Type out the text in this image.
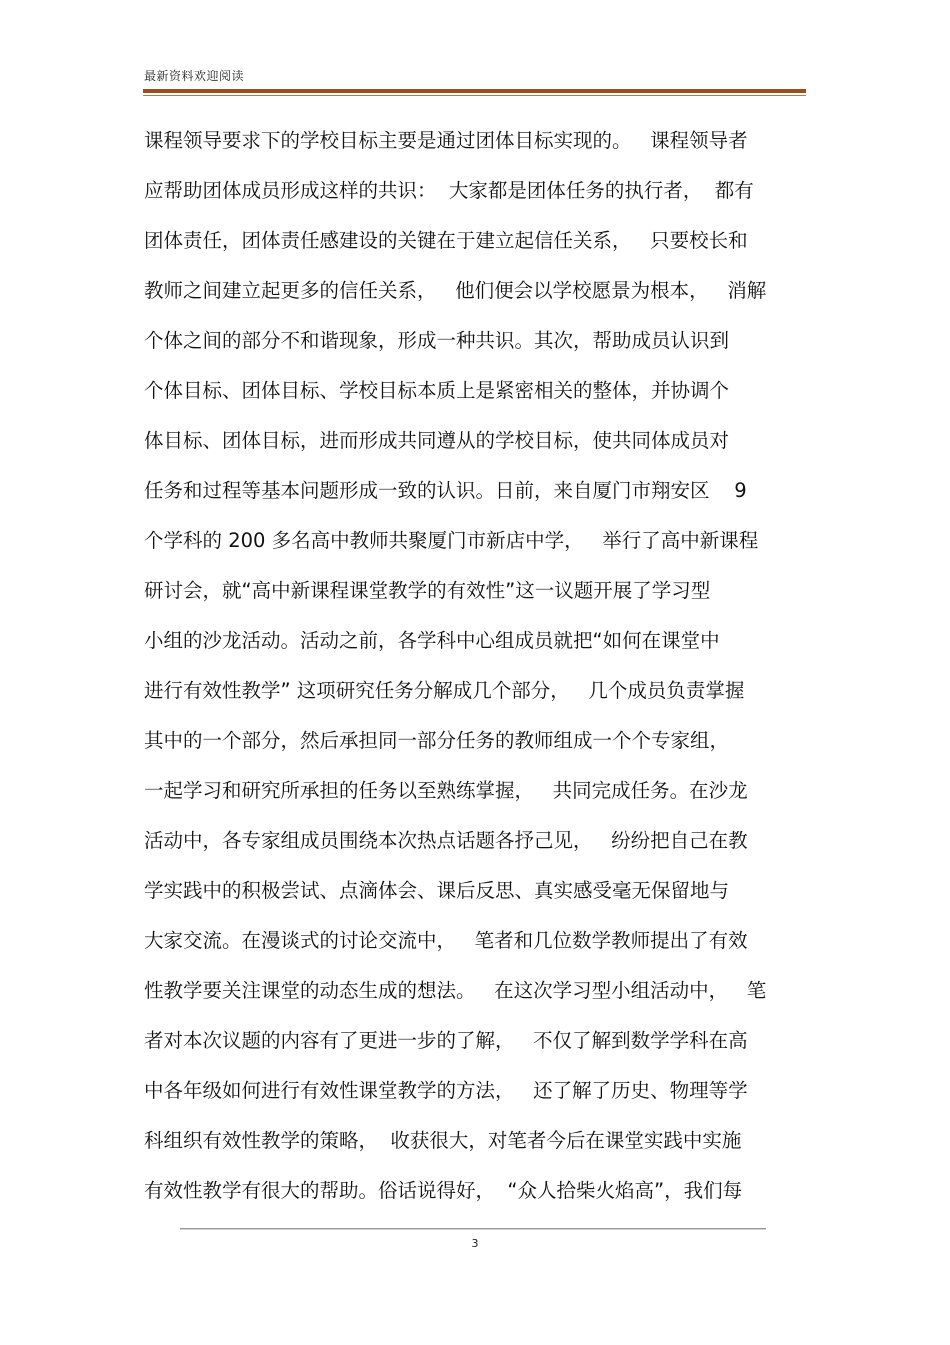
最新资料欢迎阅读
课程领导要求下的学校目标主要是通过团体目标实现的。   课程领导者
应帮助团体成员形成这样的共识：  大家都是团体任务的执行者，  都有
团体责任，团体责任感建设的关键在于建立起信任关系，   只要校长和
教师之间建立起更多的信任关系，   他们便会以学校愿景为根本，   消解
个体之间的部分不和谐现象，形成一种共识。其次，帮助成员认识到
个体目标、团体目标、学校目标本质上是紧密相关的整体，并协调个
体目标、团体目标，进而形成共同遵从的学校目标，使共同体成员对
任务和过程等基本问题形成一致的认识。日前，来自厦门市翔安区    9
个学科的 200 多名高中教师共聚厦门市新店中学，   举行了高中新课程
研讨会，就“高中新课程课堂教学的有效性”这一议题开展了学习型
小组的沙龙活动。活动之前，各学科中心组成员就把“如何在课堂中
进行有效性教学” 这项研究任务分解成几个部分，   几个成员负责掌握
其中的一个部分，然后承担同一部分任务的教师组成一个个专家组，
一起学习和研究所承担的任务以至熟练掌握，   共同完成任务。在沙龙
活动中，各专家组成员围绕本次热点话题各抒己见，   纷纷把自己在教
学实践中的积极尝试、点滴体会、课后反思、真实感受毫无保留地与
大家交流。在漫谈式的讨论交流中，   笔者和几位数学教师提出了有效
性教学要关注课堂的动态生成的想法。   在这次学习型小组活动中，   笔
者对本次议题的内容有了更进一步的了解，   不仅了解到数学学科在高
中各年级如何进行有效性课堂教学的方法，   还了解了历史、物理等学
科组织有效性教学的策略，  收获很大，对笔者今后在课堂实践中实施
有效性教学有很大的帮助。俗话说得好，  “众人拾柴火焰高”，我们每
3
